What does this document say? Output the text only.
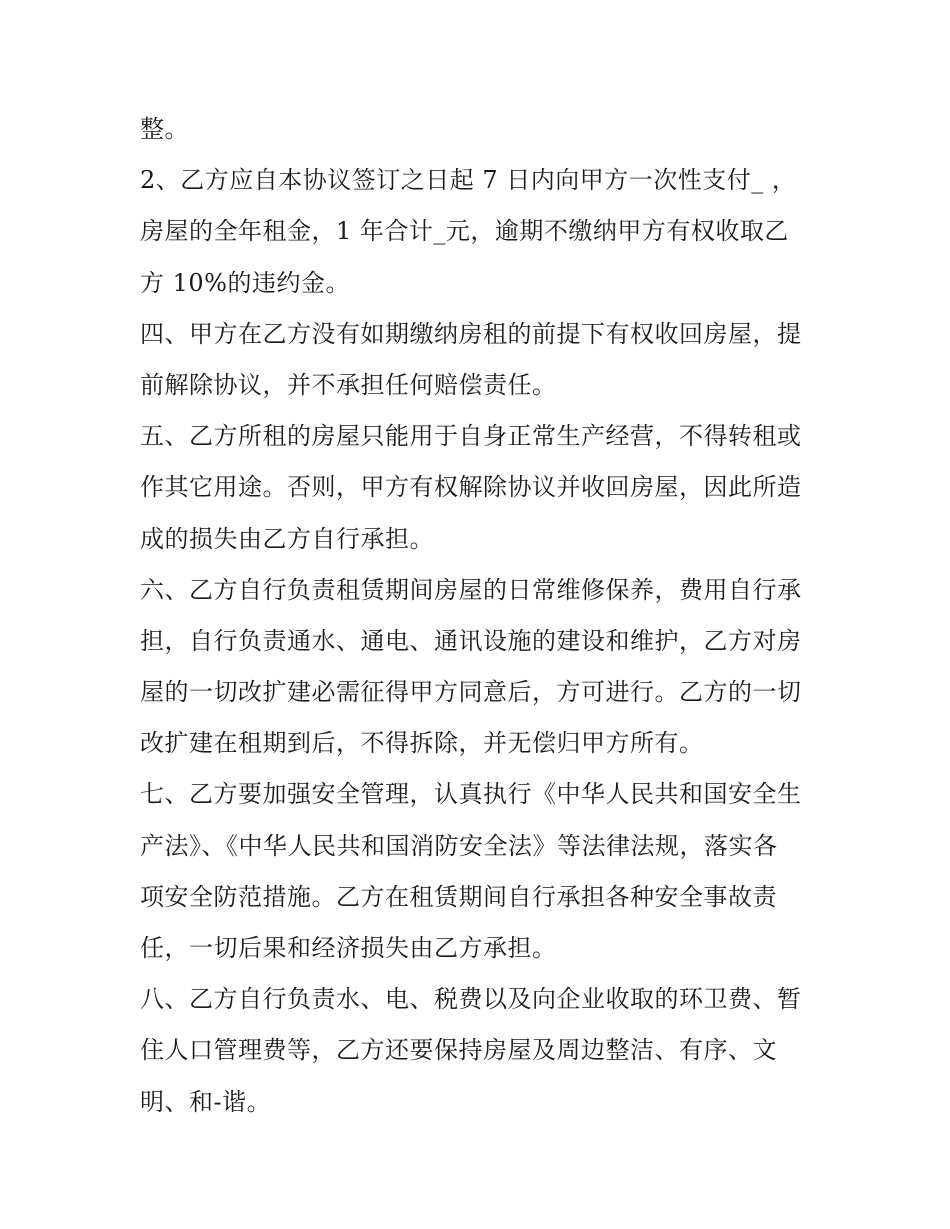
整。
2、乙方应自本协议签订之日起 7 日内向甲方一次性支付_ ，
房屋的全年租金，1 年合计_元，逾期不缴纳甲方有权收取乙
方 10%的违约金。
四、甲方在乙方没有如期缴纳房租的前提下有权收回房屋，提
前解除协议，并不承担任何赔偿责任。
五、乙方所租的房屋只能用于自身正常生产经营，不得转租或
作其它用途。否则，甲方有权解除协议并收回房屋，因此所造
成的损失由乙方自行承担。
六、乙方自行负责租赁期间房屋的日常维修保养，费用自行承
担，自行负责通水、通电、通讯设施的建设和维护，乙方对房
屋的一切改扩建必需征得甲方同意后，方可进行。乙方的一切
改扩建在租期到后，不得拆除，并无偿归甲方所有。
七、乙方要加强安全管理，认真执行《中华人民共和国安全生
产法》、《中华人民共和国消防安全法》等法律法规，落实各
项安全防范措施。乙方在租赁期间自行承担各种安全事故责
任，一切后果和经济损失由乙方承担。
八、乙方自行负责水、电、税费以及向企业收取的环卫费、暂
住人口管理费等，乙方还要保持房屋及周边整洁、有序、文
明、和-谐。
